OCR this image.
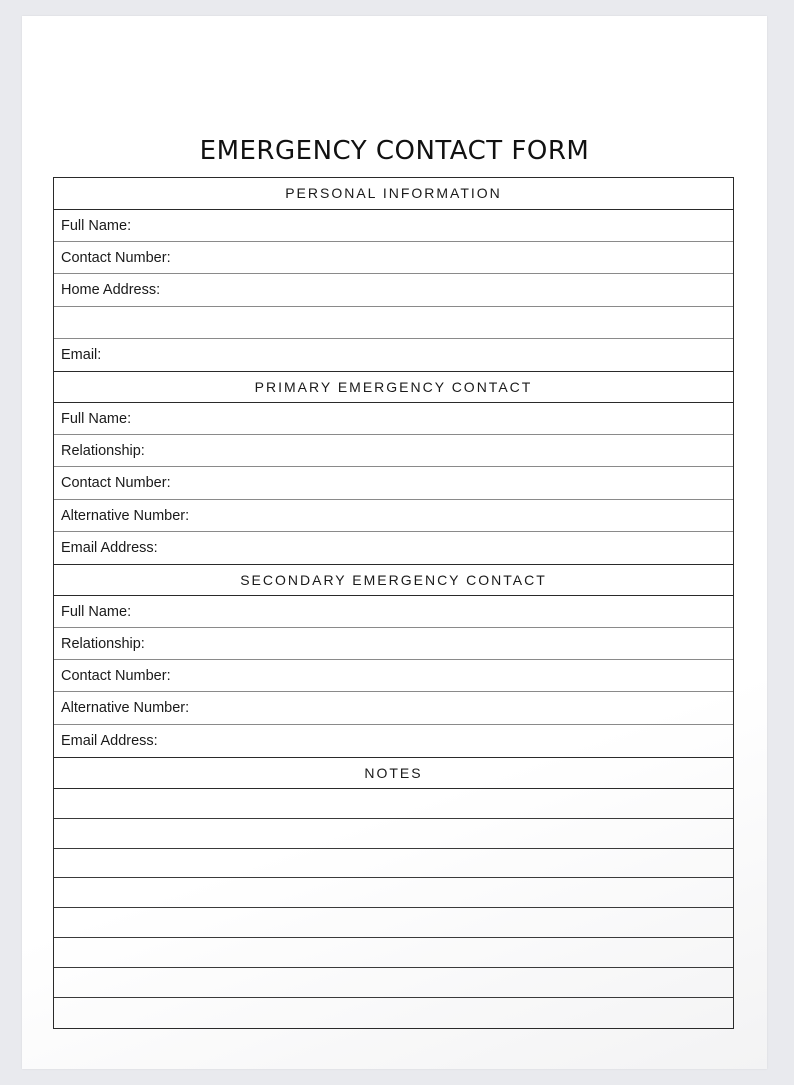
EMERGENCY CONTACT FORM
PERSONAL INFORMATION
Full Name:
Contact Number:
Home Address:
Email:
PRIMARY EMERGENCY CONTACT
Full Name:
Relationship:
Contact Number:
Alternative Number:
Email Address:
SECONDARY EMERGENCY CONTACT
Full Name:
Relationship:
Contact Number:
Alternative Number:
Email Address:
NOTES
